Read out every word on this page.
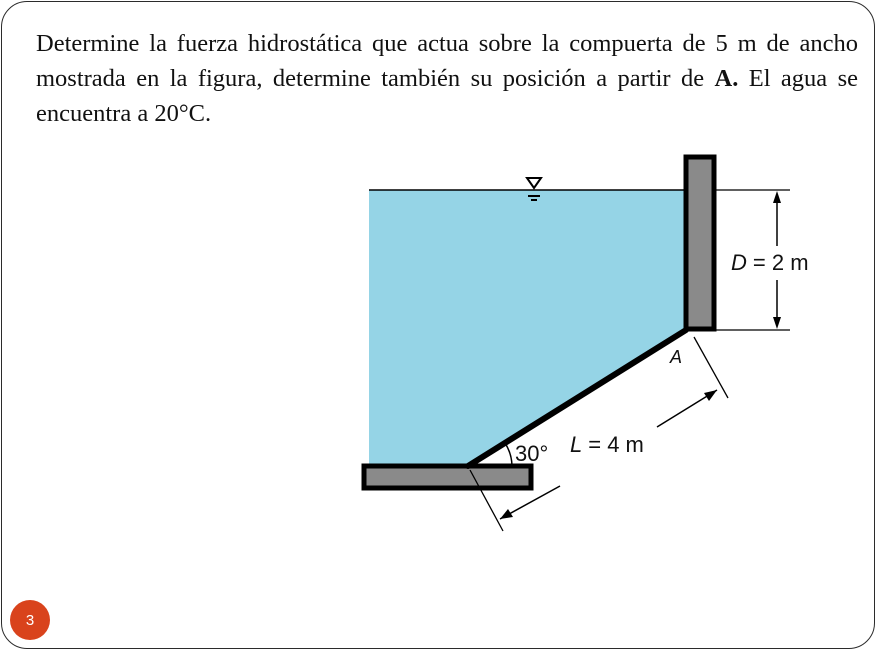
Determine la fuerza hidrostática que actua sobre la compuerta de 5 m de ancho mostrada en la figura, determine también su posición a partir de A. El agua se encuentra a 20°C.

D = 2 m
L = 4 m
30°
A
3
